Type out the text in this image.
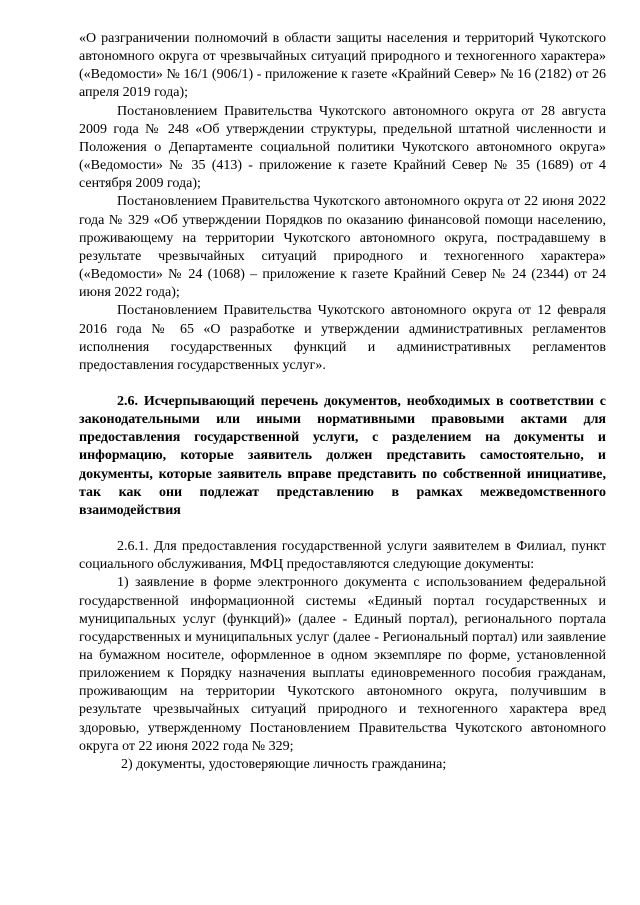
«О разграничении полномочий в области защиты населения и территорий Чукотского автономного округа от чрезвычайных ситуаций природного и техногенного характера» («Ведомости» № 16/1 (906/1) - приложение к газете «Крайний Север» № 16 (2182) от 26 апреля 2019 года);

Постановлением Правительства Чукотского автономного округа от 28 августа 2009 года № 248 «Об утверждении структуры, предельной штатной численности и Положения о Департаменте социальной политики Чукотского автономного округа» («Ведомости» № 35 (413) - приложение к газете Крайний Север № 35 (1689) от 4 сентября 2009 года);

Постановлением Правительства Чукотского автономного округа от 22 июня 2022 года № 329 «Об утверждении Порядков по оказанию финансовой помощи населению, проживающему на территории Чукотского автономного округа, пострадавшему в результате чрезвычайных ситуаций природного и техногенного характера» («Ведомости» № 24 (1068) – приложение к газете Крайний Север № 24 (2344) от 24 июня 2022 года);

Постановлением Правительства Чукотского автономного округа от 12 февраля 2016 года № 65 «О разработке и утверждении административных регламентов исполнения государственных функций и административных регламентов предоставления государственных услуг».

2.6. Исчерпывающий перечень документов, необходимых в соответствии с законодательными или иными нормативными правовыми актами для предоставления государственной услуги, с разделением на документы и информацию, которые заявитель должен представить самостоятельно, и документы, которые заявитель вправе представить по собственной инициативе, так как они подлежат представлению в рамках межведомственного взаимодействия

2.6.1. Для предоставления государственной услуги заявителем в Филиал, пункт социального обслуживания, МФЦ предоставляются следующие документы:

1) заявление в форме электронного документа с использованием федеральной государственной информационной системы «Единый портал государственных и муниципальных услуг (функций)» (далее - Единый портал), регионального портала государственных и муниципальных услуг (далее - Региональный портал) или заявление на бумажном носителе, оформленное в одном экземпляре по форме, установленной приложением к Порядку назначения выплаты единовременного пособия гражданам, проживающим на территории Чукотского автономного округа, получившим в результате чрезвычайных ситуаций природного и техногенного характера вред здоровью, утвержденному Постановлением Правительства Чукотского автономного округа от 22 июня 2022 года № 329;

2) документы, удостоверяющие личность гражданина;
